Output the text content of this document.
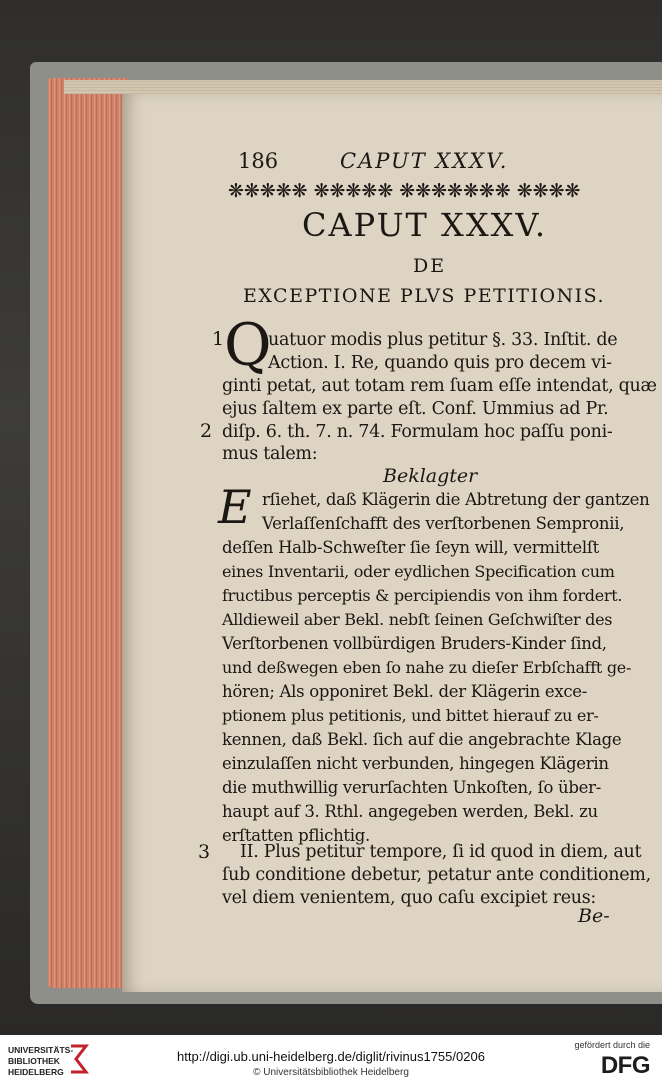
186	CAPUT XXXV.
❋❋❋❋❋ ❋❋❋❋❋ ❋❋❋❋❋❋❋ ❋❋❋❋
CAPUT XXXV.
DE
EXCEPTIONE PLVS PETITIONIS.
1
2
3
Q
uatuor modis plus petitur §. 33. Inſtit. de
Action. I. Re, quando quis pro decem vi-
ginti petat, aut totam rem ſuam eſſe intendat, quæ
ejus ſaltem ex parte eſt. Conf. Ummius ad Pr.
diſp. 6. th. 7. n. 74. Formulam hoc paſſu poni-
mus talem:
Beklagter
E rſiehet, daß Klägerin die Abtretung der gantzen
Verlaſſenſchafft des verſtorbenen Sempronii,
deſſen Halb-Schweſter ſie ſeyn will, vermittelſt
eines Inventarii, oder eydlichen Specification cum
fructibus perceptis & percipiendis von ihm fordert.
Alldieweil aber Bekl. nebſt ſeinen Geſchwiſter des
Verſtorbenen vollbürdigen Bruders-Kinder ſind,
und deßwegen eben ſo nahe zu dieſer Erbſchafft ge-
hören; Als opponiret Bekl. der Klägerin exce-
ptionem plus petitionis, und bittet hierauf zu er-
kennen, daß Bekl. ſich auf die angebrachte Klage
einzulaſſen nicht verbunden, hingegen Klägerin
die muthwillig verurſachten Unkoſten, ſo über-
haupt auf 3. Rthl. angegeben werden, Bekl. zu
erſtatten pflichtig.
II. Plus petitur tempore, ſi id quod in diem, aut
ſub conditione debetur, petatur ante conditionem,
vel diem venientem, quo caſu excipiet reus:
Be-
UNIVERSITÄTS-
BIBLIOTHEK
HEIDELBERG
http://digi.ub.uni-heidelberg.de/diglit/rivinus1755/0206
© Universitätsbibliothek Heidelberg
gefördert durch die
DFG
